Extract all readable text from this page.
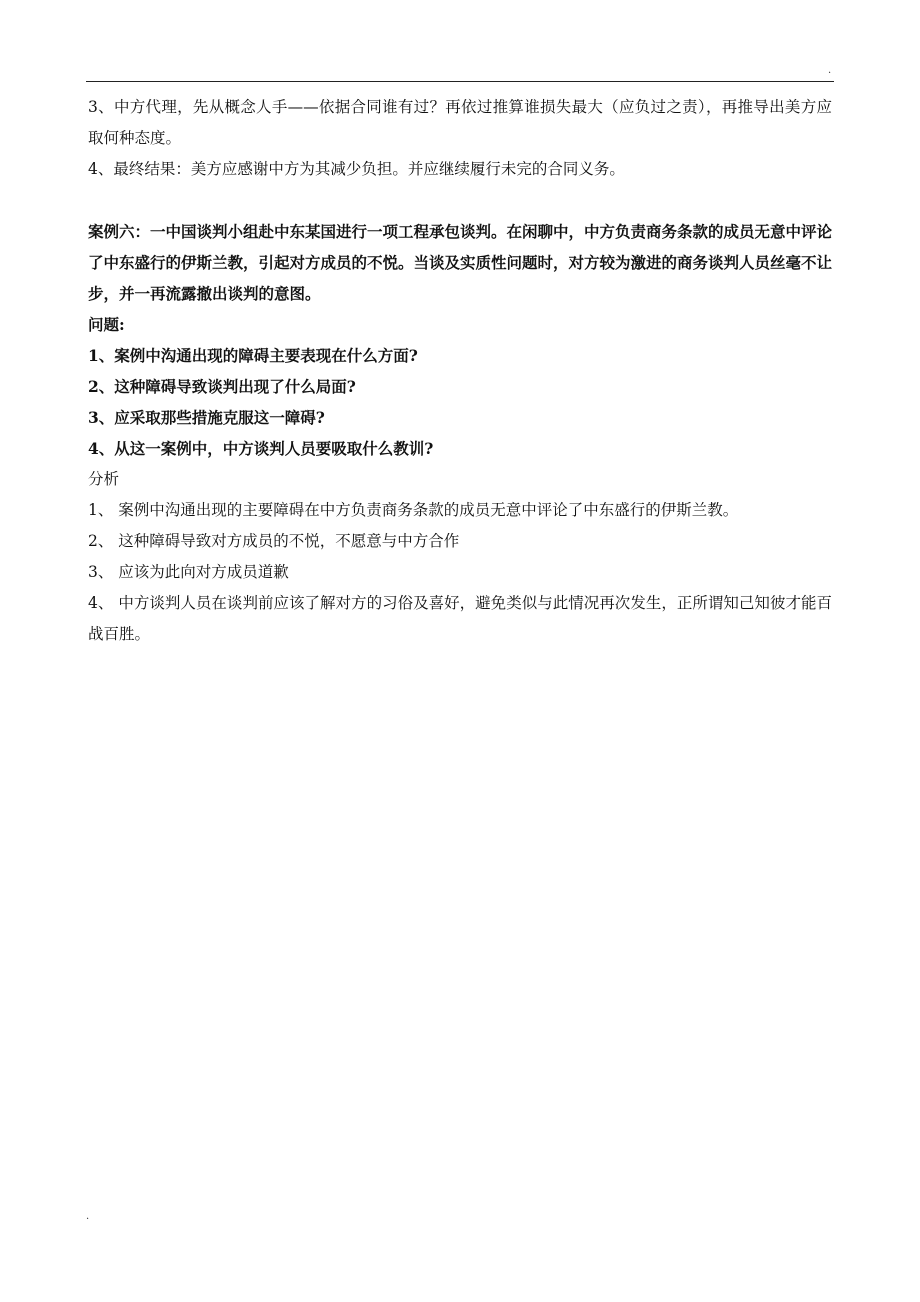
.

3、中方代理，先从概念人手——依据合同谁有过？再依过推算谁损失最大（应负过之责），再推导出美方应取何种态度。

4、最终结果：美方应感谢中方为其减少负担。并应继续履行未完的合同义务。

案例六：一中国谈判小组赴中东某国进行一项工程承包谈判。在闲聊中，中方负责商务条款的成员无意中评论了中东盛行的伊斯兰教，引起对方成员的不悦。当谈及实质性问题时，对方较为激进的商务谈判人员丝毫不让步，并一再流露撤出谈判的意图。

问题:

1、案例中沟通出现的障碍主要表现在什么方面?

2、这种障碍导致谈判出现了什么局面?

3、应采取那些措施克服这一障碍?

4、从这一案例中，中方谈判人员要吸取什么教训?

分析

1、 案例中沟通出现的主要障碍在中方负责商务条款的成员无意中评论了中东盛行的伊斯兰教。

2、 这种障碍导致对方成员的不悦，不愿意与中方合作

3、 应该为此向对方成员道歉

4、 中方谈判人员在谈判前应该了解对方的习俗及喜好，避免类似与此情况再次发生，正所谓知己知彼才能百战百胜。

.
